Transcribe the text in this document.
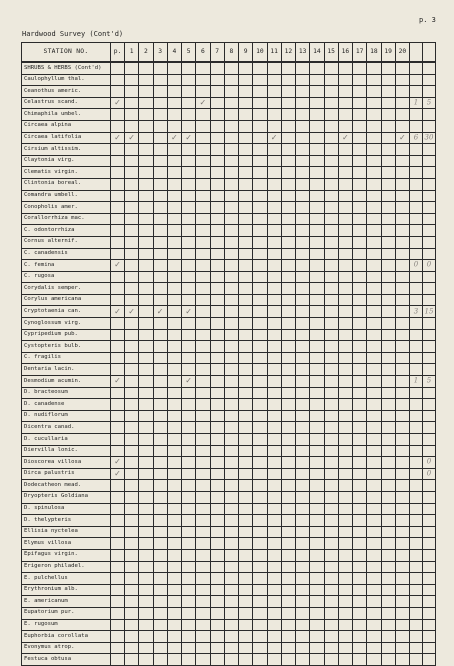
p. 3
Hardwood Survey (Cont'd)
STATION NO.	p.	1	2	3	4	5	6	7	8	9	10	11	12	13	14	15	16	17	18	19	20		
SHRUBS & HERBS (Cont'd)																							
Caulophyllum thal.																						

Ceanothus americ.																						

Celastrus scand.	✓						✓															1	5

Chimaphila umbel.																						

Circaea alpina																						

Circaea latifolia	✓	✓			✓	✓						✓					✓				✓	6	30

Cirsium altissim.																						

Claytonia virg.																						

Clematis virgin.																						

Clintonia boreal.																						

Comandra umbell.																						

Conopholis amer.																						

Corallorrhiza mac.																						

C. odontorrhiza																						

Cornus alternif.																						

C. canadensis																						

C. femina	✓																					0	0

C. rugosa																						

Corydalis semper.																						

Corylus americana																						

Cryptotaenia can.	✓	✓		✓		✓																3	15

Cynoglossum virg.																						

Cypripedium pub.																						

Cystopteris bulb.																						

C. fragilis																						

Dentaria lacin.																						

Desmodium acumin.	✓					✓																1	5

D. bracteosum																						

D. canadense																						

D. nudiflorum																						

Dicentra canad.																						

D. cucullaria																						

Diervilla lonic.																						

Dioscorea villosa	✓																						0

Dirca palustris	✓																						0

Dodecatheon mead.																						

Dryopteris Goldiana																						

D. spinulosa																						

D. thelypteris																						

Ellisia nyctelea																						

Elymus villosa																						

Epifagus virgin.																						

Erigeron philadel.																						

E. pulchellus																						

Erythronium alb.																						

E. americanum																						

Eupatorium pur.																						

E. rugosum																						

Euphorbia corollata																						

Evonymus atrop.																						

Festuca obtusa																						
